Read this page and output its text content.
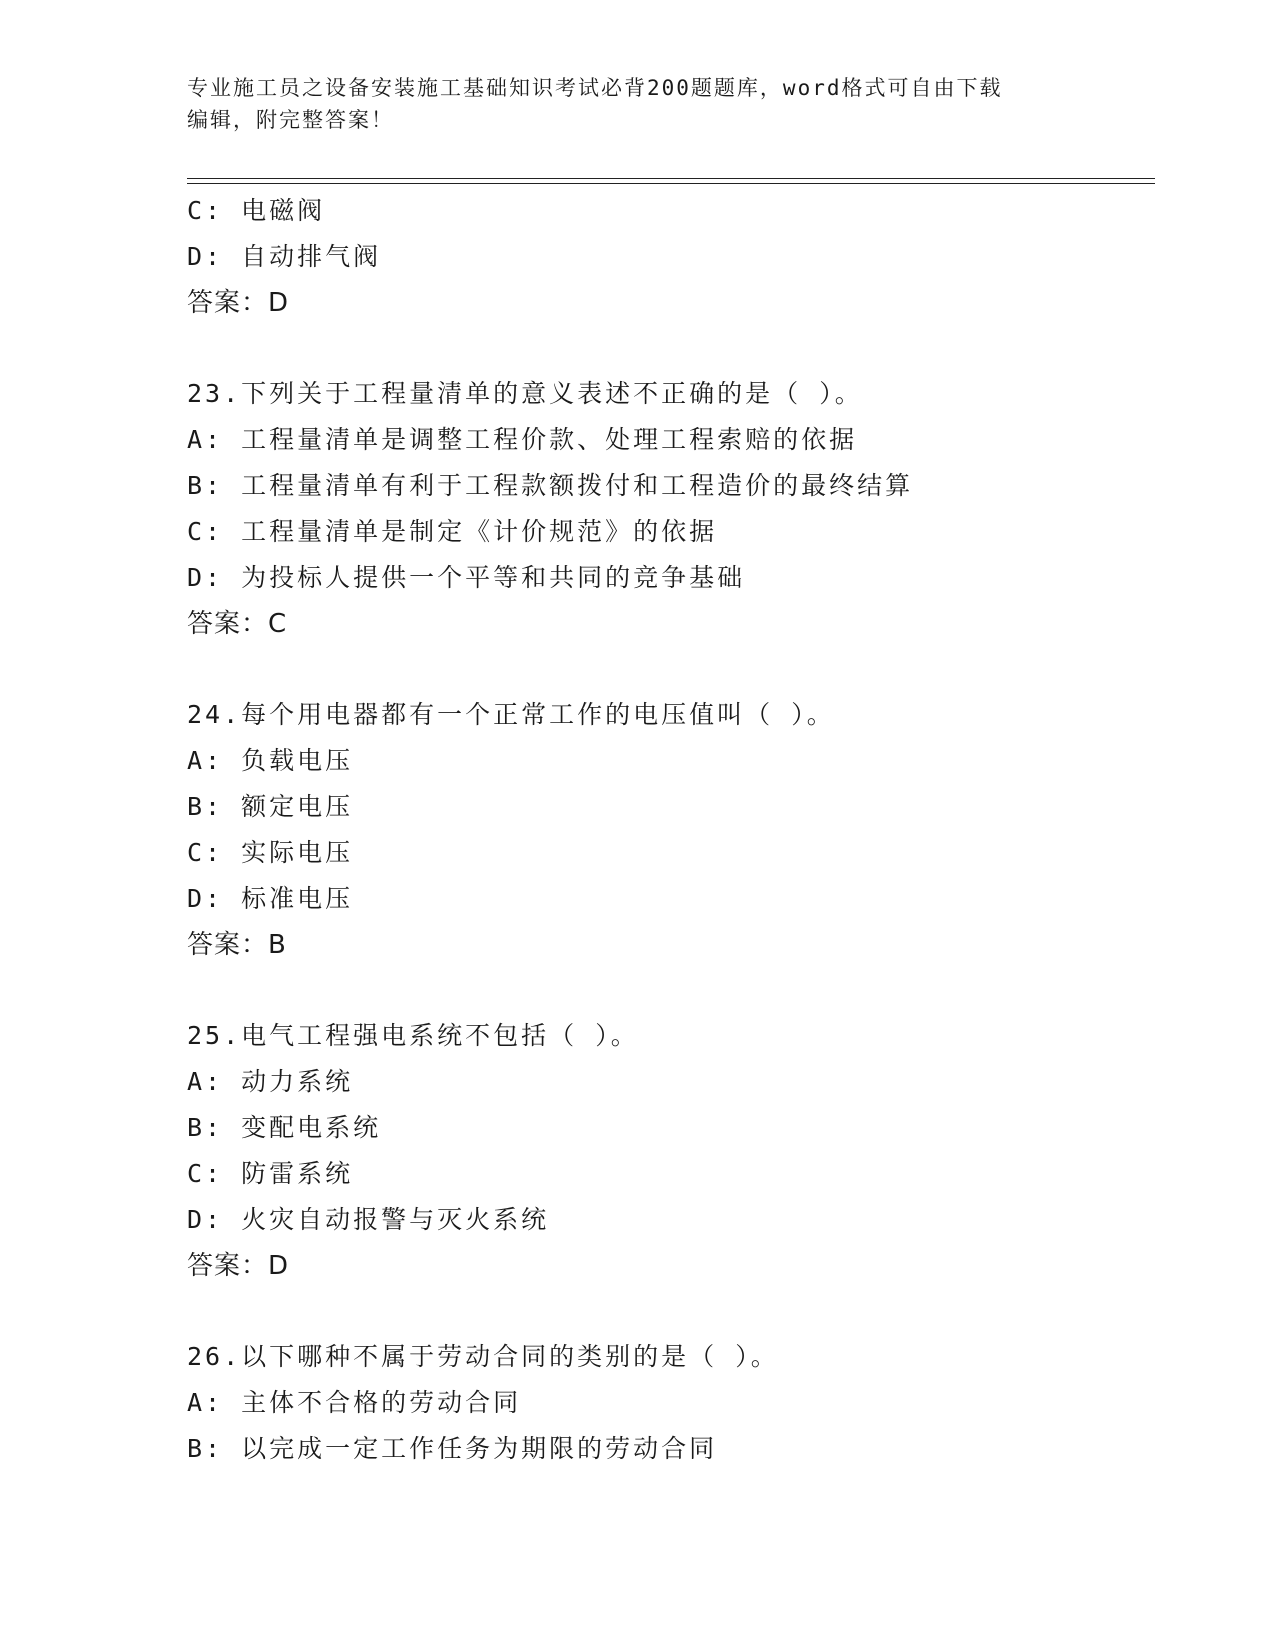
专业施工员之设备安装施工基础知识考试必背200题题库，word格式可自由下载
编辑，附完整答案！
C: 电磁阀
D: 自动排气阀
答案：D
23.下列关于工程量清单的意义表述不正确的是（ ）。
A: 工程量清单是调整工程价款、处理工程索赔的依据
B: 工程量清单有利于工程款额拨付和工程造价的最终结算
C: 工程量清单是制定《计价规范》的依据
D: 为投标人提供一个平等和共同的竞争基础
答案：C
24.每个用电器都有一个正常工作的电压值叫（ ）。
A: 负载电压
B: 额定电压
C: 实际电压
D: 标准电压
答案：B
25.电气工程强电系统不包括（ ）。
A: 动力系统
B: 变配电系统
C: 防雷系统
D: 火灾自动报警与灭火系统
答案：D
26.以下哪种不属于劳动合同的类别的是（ ）。
A: 主体不合格的劳动合同
B: 以完成一定工作任务为期限的劳动合同
